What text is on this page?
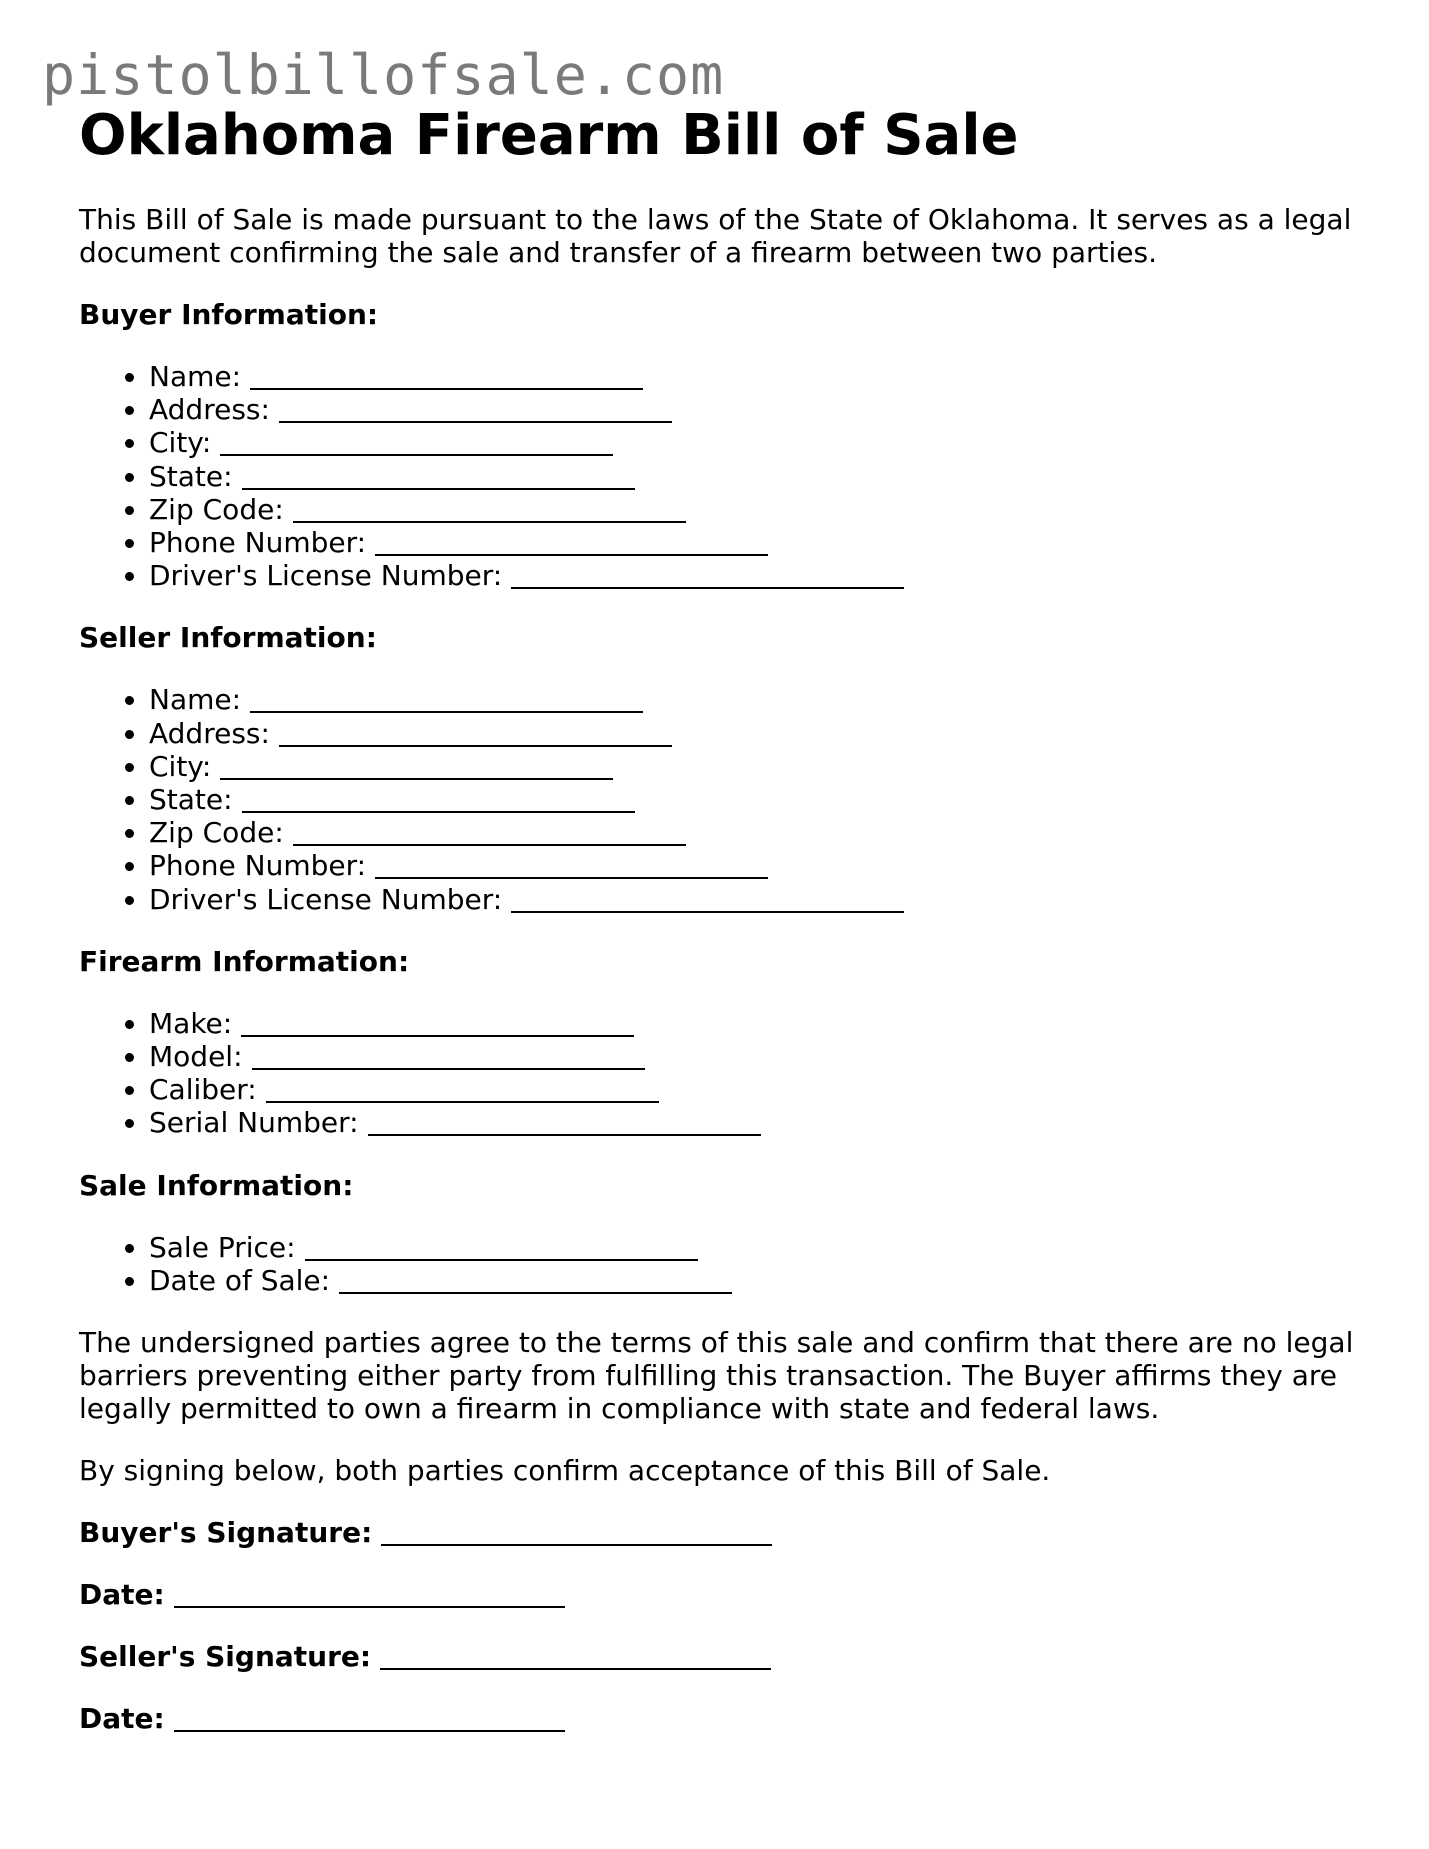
pistolbillofsale.com
Oklahoma Firearm Bill of Sale

This Bill of Sale is made pursuant to the laws of the State of Oklahoma. It serves as a legal document confirming the sale and transfer of a firearm between two parties.

Buyer Information:
• Name:
• Address:
• City:
• State:
• Zip Code:
• Phone Number:
• Driver's License Number:
Seller Information:
• Name:
• Address:
• City:
• State:
• Zip Code:
• Phone Number:
• Driver's License Number:
Firearm Information:
• Make:
• Model:
• Caliber:
• Serial Number:
Sale Information:
• Sale Price:
• Date of Sale:

The undersigned parties agree to the terms of this sale and confirm that there are no legal barriers preventing either party from fulfilling this transaction. The Buyer affirms they are legally permitted to own a firearm in compliance with state and federal laws.

By signing below, both parties confirm acceptance of this Bill of Sale.

Buyer's Signature:
Date:
Seller's Signature:
Date:
